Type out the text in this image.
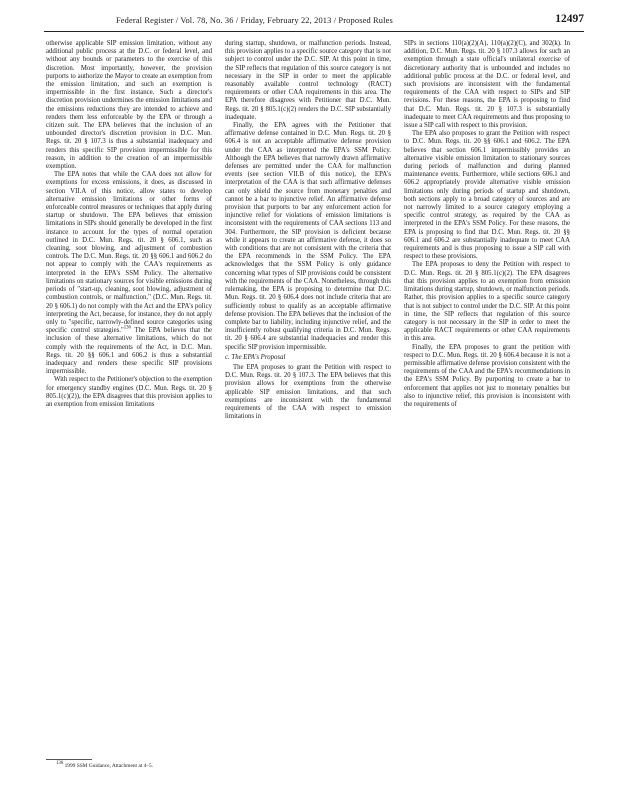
Federal Register / Vol. 78, No. 36 / Friday, February 22, 2013 / Proposed Rules	12497

otherwise applicable SIP emission limitation, without any additional public process at the D.C. or federal level, and without any bounds or parameters to the exercise of this discretion. Most importantly, however, the provision purports to authorize the Mayor to create an exemption from the emission limitation, and such an exemption is impermissible in the first instance. Such a director's discretion provision undermines the emission limitations and the emissions reductions they are intended to achieve and renders them less enforceable by the EPA or through a citizen suit. The EPA believes that the inclusion of an unbounded director's discretion provision in D.C. Mun. Regs. tit. 20 § 107.3 is thus a substantial inadequacy and renders this specific SIP provision impermissible for this reason, in addition to the creation of an impermissible exemption.

The EPA notes that while the CAA does not allow for exemptions for excess emissions, it does, as discussed in section VII.A of this notice, allow states to develop alternative emission limitations or other forms of enforceable control measures or techniques that apply during startup or shutdown. The EPA believes that emission limitations in SIPs should generally be developed in the first instance to account for the types of normal operation outlined in D.C. Mun. Regs. tit. 20 § 606.1, such as cleaning, soot blowing, and adjustment of combustion controls. The D.C. Mun. Regs. tit. 20 §§ 606.1 and 606.2 do not appear to comply with the CAA's requirements as interpreted in the EPA's SSM Policy. The alternative limitations on stationary sources for visible emissions during periods of "start-up, cleaning, soot blowing, adjustment of combustion controls, or malfunction," (D.C. Mun. Regs. tit. 20 § 606.1) do not comply with the Act and the EPA's policy interpreting the Act, because, for instance, they do not apply only to "specific, narrowly-defined source categories using specific control strategies."$^{136}$ The EPA believes that the inclusion of these alternative limitations, which do not comply with the requirements of the Act, in D.C. Mun. Regs. tit. 20 §§ 606.1 and 606.2 is thus a substantial inadequacy and renders these specific SIP provisions impermissible.

With respect to the Petitioner's objection to the exemption for emergency standby engines (D.C. Mun. Regs. tit. 20 § 805.1(c)(2)), the EPA disagrees that this provision applies to an exemption from emission limitations

during startup, shutdown, or malfunction periods. Instead, this provision applies to a specific source category that is not subject to control under the D.C. SIP. At this point in time, the SIP reflects that regulation of this source category is not necessary in the SIP in order to meet the applicable reasonably available control technology (RACT) requirements or other CAA requirements in this area. The EPA therefore disagrees with Petitioner that D.C. Mun. Regs. tit. 20 § 805.1(c)(2) renders the D.C. SIP substantially inadequate.

Finally, the EPA agrees with the Petitioner that affirmative defense contained in D.C. Mun. Regs. tit. 20 § 606.4 is not an acceptable affirmative defense provision under the CAA as interpreted the EPA's SSM Policy. Although the EPA believes that narrowly drawn affirmative defenses are permitted under the CAA for malfunction events (see section VII.B of this notice), the EPA's interpretation of the CAA is that such affirmative defenses can only shield the source from monetary penalties and cannot be a bar to injunctive relief. An affirmative defense provision that purports to bar any enforcement action for injunctive relief for violations of emission limitations is inconsistent with the requirements of CAA sections 113 and 304. Furthermore, the SIP provision is deficient because while it appears to create an affirmative defense, it does so with conditions that are not consistent with the criteria that the EPA recommends in the SSM Policy. The EPA acknowledges that the SSM Policy is only guidance concerning what types of SIP provisions could be consistent with the requirements of the CAA. Nonetheless, through this rulemaking, the EPA is proposing to determine that D.C. Mun. Regs. tit. 20 § 606.4 does not include criteria that are sufficiently robust to qualify as an acceptable affirmative defense provision. The EPA believes that the inclusion of the complete bar to liability, including injunctive relief, and the insufficiently robust qualifying criteria in D.C. Mun. Regs. tit. 20 § 606.4 are substantial inadequacies and render this specific SIP provision impermissible.

c. The EPA's Proposal

The EPA proposes to grant the Petition with respect to D.C. Mun. Regs. tit. 20 § 107.3. The EPA believes that this provision allows for exemptions from the otherwise applicable SIP emission limitations, and that such exemptions are inconsistent with the fundamental requirements of the CAA with respect to emission limitations in

SIPs in sections 110(a)(2)(A), 110(a)(2)(C), and 302(k). In addition, D.C. Mun. Regs. tit. 20 § 107.3 allows for such an exemption through a state official's unilateral exercise of discretionary authority that is unbounded and includes no additional public process at the D.C. or federal level, and such provisions are inconsistent with the fundamental requirements of the CAA with respect to SIPs and SIP revisions. For these reasons, the EPA is proposing to find that D.C. Mun. Regs. tit. 20 § 107.3 is substantially inadequate to meet CAA requirements and thus proposing to issue a SIP call with respect to this provision.

The EPA also proposes to grant the Petition with respect to D.C. Mun. Regs. tit. 20 §§ 606.1 and 606.2. The EPA believes that section 606.1 impermissibly provides an alternative visible emission limitation to stationary sources during periods of malfunction and during planned maintenance events. Furthermore, while sections 606.1 and 606.2 appropriately provide alternative visible emission limitations only during periods of startup and shutdown, both sections apply to a broad category of sources and are not narrowly limited to a source category employing a specific control strategy, as required by the CAA as interpreted in the EPA's SSM Policy. For these reasons, the EPA is proposing to find that D.C. Mun. Regs. tit. 20 §§ 606.1 and 606.2 are substantially inadequate to meet CAA requirements and is thus proposing to issue a SIP call with respect to these provisions.

The EPA proposes to deny the Petition with respect to D.C. Mun. Regs. tit. 20 § 805.1(c)(2). The EPA disagrees that this provision applies to an exemption from emission limitations during startup, shutdown, or malfunction periods. Rather, this provision applies to a specific source category that is not subject to control under the D.C. SIP. At this point in time, the SIP reflects that regulation of this source category is not necessary in the SIP in order to meet the applicable RACT requirements or other CAA requirements in this area.

Finally, the EPA proposes to grant the petition with respect to D.C. Mun. Regs. tit. 20 § 606.4 because it is not a permissible affirmative defense provision consistent with the requirements of the CAA and the EPA's recommendations in the EPA's SSM Policy. By purporting to create a bar to enforcement that applies not just to monetary penalties but also to injunctive relief, this provision is inconsistent with the requirements of

136 1999 SSM Guidance, Attachment at 4–5.
